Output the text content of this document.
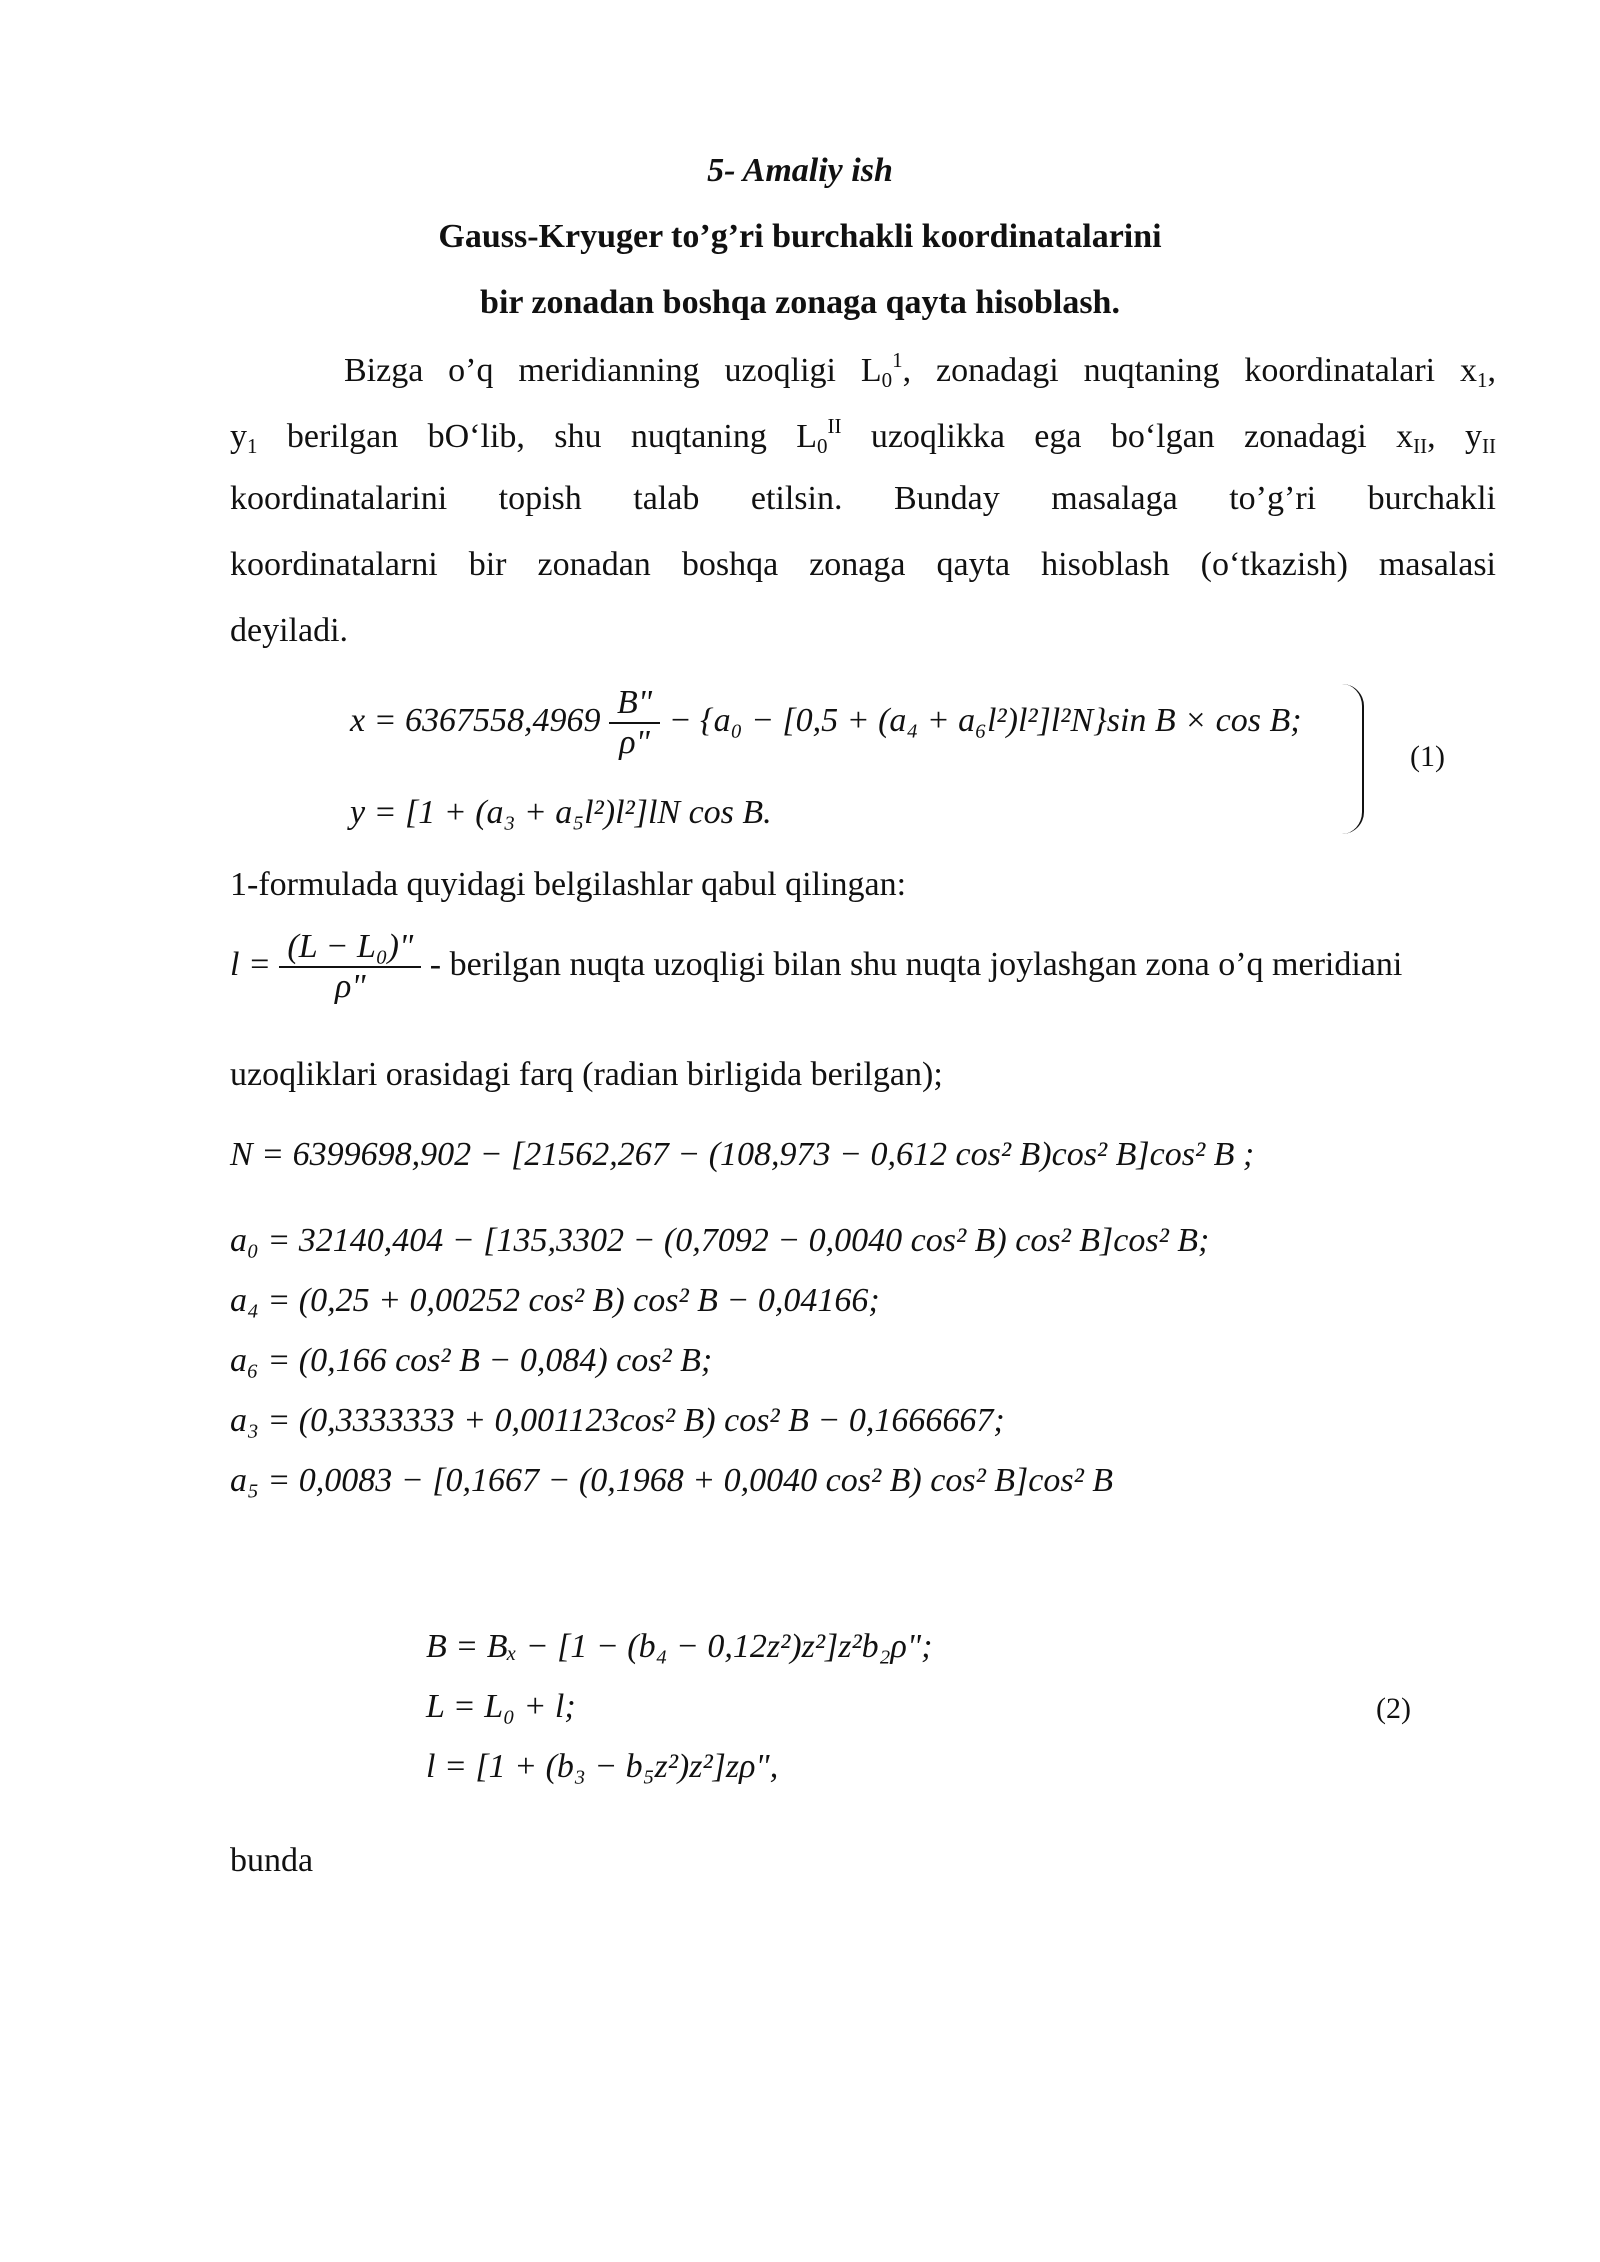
5- Amaliy ish
Gauss-Kryuger to’g’ri burchakli koordinatalarini
bir zonadan boshqa zonaga qayta hisoblash.
Bizga o’q meridianning uzoqligi $L_0^1$, zonadagi nuqtaning koordinatalari $x_1$,
$y_1$ berilgan bO‘lib, shu nuqtaning $L_0^{II}$ uzoqlikka ega bo‘lgan zonadagi $x_{II}$, $y_{II}$
koordinatalarini topish talab etilsin. Bunday masalaga to’g’ri burchakli
koordinatalarni bir zonadan boshqa zonaga qayta hisoblash (o‘tkazish) masalasi
deyiladi.
$x = 6367558,4969 \frac{B"}{\rho"} - \{a_0 - [0,5 + (a_4 + a_6l^2)l^2]l^2N\}\sin$ B × cos B;
y = [1 + (a₃ + a₅l²)l²]lN cos B.
(1)
1-formulada quyidagi belgilashlar qabul qilingan:
$l = \frac{\text{(L − L₀)"}}{\rho"}$ - berilgan nuqta uzoqligi bilan shu nuqta joylashgan zona o’q meridiani
uzoqliklari orasidagi farq (radian birligida berilgan);
N = 6399698,902 − [21562,267 − (108,973 − 0,612 cos² B)cos² B]cos² B ;
a₀ = 32140,404 − [135,3302 − (0,7092 − 0,0040 cos² B) cos² B]cos² B;
a₄ = (0,25 + 0,00252 cos² B) cos² B − 0,04166;
a₆ = (0,166 cos² B − 0,084) cos² B;
a₃ = (0,3333333 + 0,001123cos² B) cos² B − 0,1666667;
a₅ = 0,0083 − [0,1667 − (0,1968 + 0,0040 cos² B) cos² B]cos² B
B = Bₓ − [1 − (b₄ − 0,12z²)z²]z²b₂ρ";
L = L₀ + l;
l = [1 + (b₃ − b₅z²)z²]zρ",
(2)
bunda
